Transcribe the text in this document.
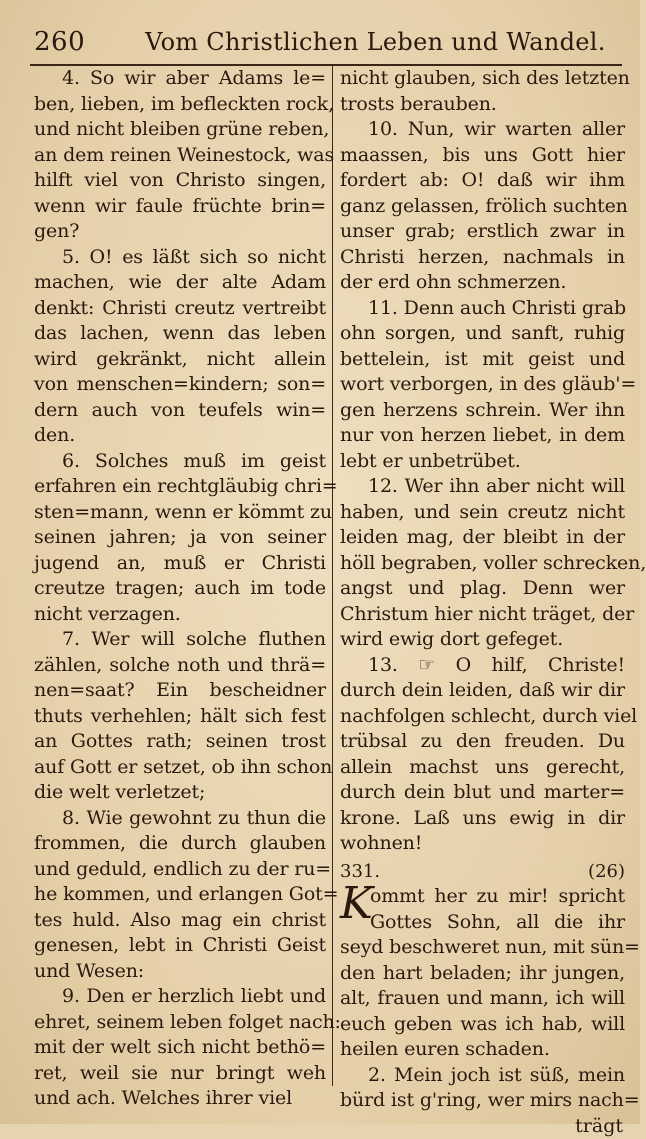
260	Vom Christlichen Leben und Wandel.
4. So wir aber Adams le=
ben, lieben, im befleckten rock,
und nicht bleiben grüne reben,
an dem reinen Weinestock, was
hilft viel von Christo singen,
wenn wir faule früchte brin=
gen?
5. O! es läßt sich so nicht
machen, wie der alte Adam
denkt: Christi creutz vertreibt
das lachen, wenn das leben
wird gekränkt, nicht allein
von menschen=kindern; son=
dern auch von teufels win=
den.
6. Solches muß im geist
erfahren ein rechtgläubig chri=
sten=mann, wenn er kömmt zu
seinen jahren; ja von seiner
jugend an, muß er Christi
creutze tragen; auch im tode
nicht verzagen.
7. Wer will solche fluthen
zählen, solche noth und thrä=
nen=saat? Ein bescheidner
thuts verhehlen; hält sich fest
an Gottes rath; seinen trost
auf Gott er setzet, ob ihn schon
die welt verletzet;
8. Wie gewohnt zu thun die
frommen, die durch glauben
und geduld, endlich zu der ru=
he kommen, und erlangen Got=
tes huld. Also mag ein christ
genesen, lebt in Christi Geist
und Wesen:
9. Den er herzlich liebt und
ehret, seinem leben folget nach:
mit der welt sich nicht bethö=
ret, weil sie nur bringt weh
und ach. Welches ihrer viel
nicht glauben, sich des letzten
trosts berauben.
10. Nun, wir warten aller
maassen, bis uns Gott hier
fordert ab: O! daß wir ihm
ganz gelassen, frölich suchten
unser grab; erstlich zwar in
Christi herzen, nachmals in
der erd ohn schmerzen.
11. Denn auch Christi grab
ohn sorgen, und sanft, ruhig
bettelein, ist mit geist und
wort verborgen, in des gläub'=
gen herzens schrein. Wer ihn
nur von herzen liebet, in dem
lebt er unbetrübet.
12. Wer ihn aber nicht will
haben, und sein creutz nicht
leiden mag, der bleibt in der
höll begraben, voller schrecken,
angst und plag. Denn wer
Christum hier nicht träget, der
wird ewig dort gefeget.
13. ☞ O hilf, Christe!
durch dein leiden, daß wir dir
nachfolgen schlecht, durch viel
trübsal zu den freuden. Du
allein machst uns gerecht,
durch dein blut und marter=
krone. Laß uns ewig in dir
wohnen!
331.	(26)
K
ommt her zu mir! spricht
Gottes Sohn, all die ihr
seyd beschweret nun, mit sün=
den hart beladen; ihr jungen,
alt, frauen und mann, ich will
euch geben was ich hab, will
heilen euren schaden.
2. Mein joch ist süß, mein
bürd ist g'ring, wer mirs nach=
trägt
